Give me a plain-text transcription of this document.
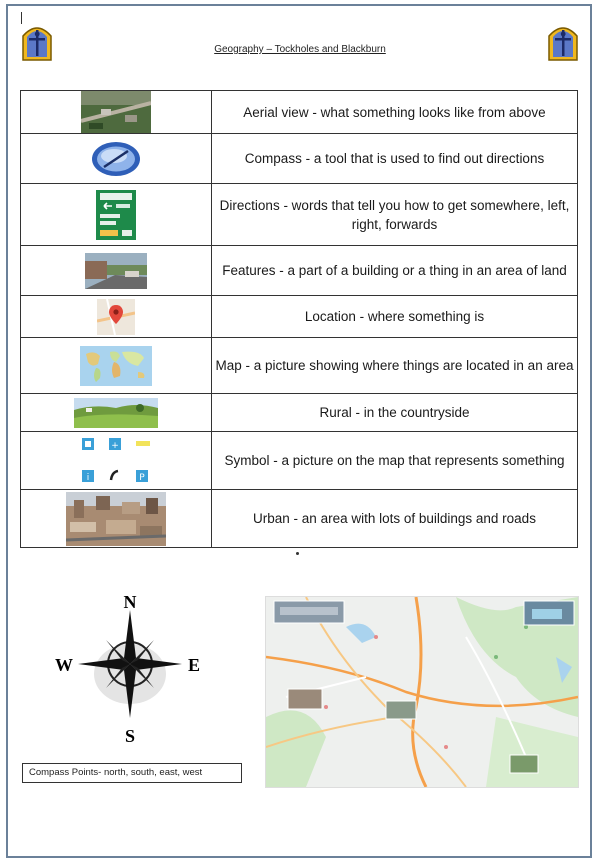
Geography – Tockholes and Blackburn
	Aerial view - what something looks like from above
	Compass - a tool that is used to find out directions
	Directions - words that tell you how to get somewhere, left, right, forwards
	Features - a part of a building or a thing in an area of land
	Location - where something is
	Map - a picture showing where things are located in an area
	Rural - in the countryside

+
i P	Symbol - a picture on the map that represents something
	Urban - an area with lots of buildings and roads
N
S
W	E
Compass Points- north, south, east, west
